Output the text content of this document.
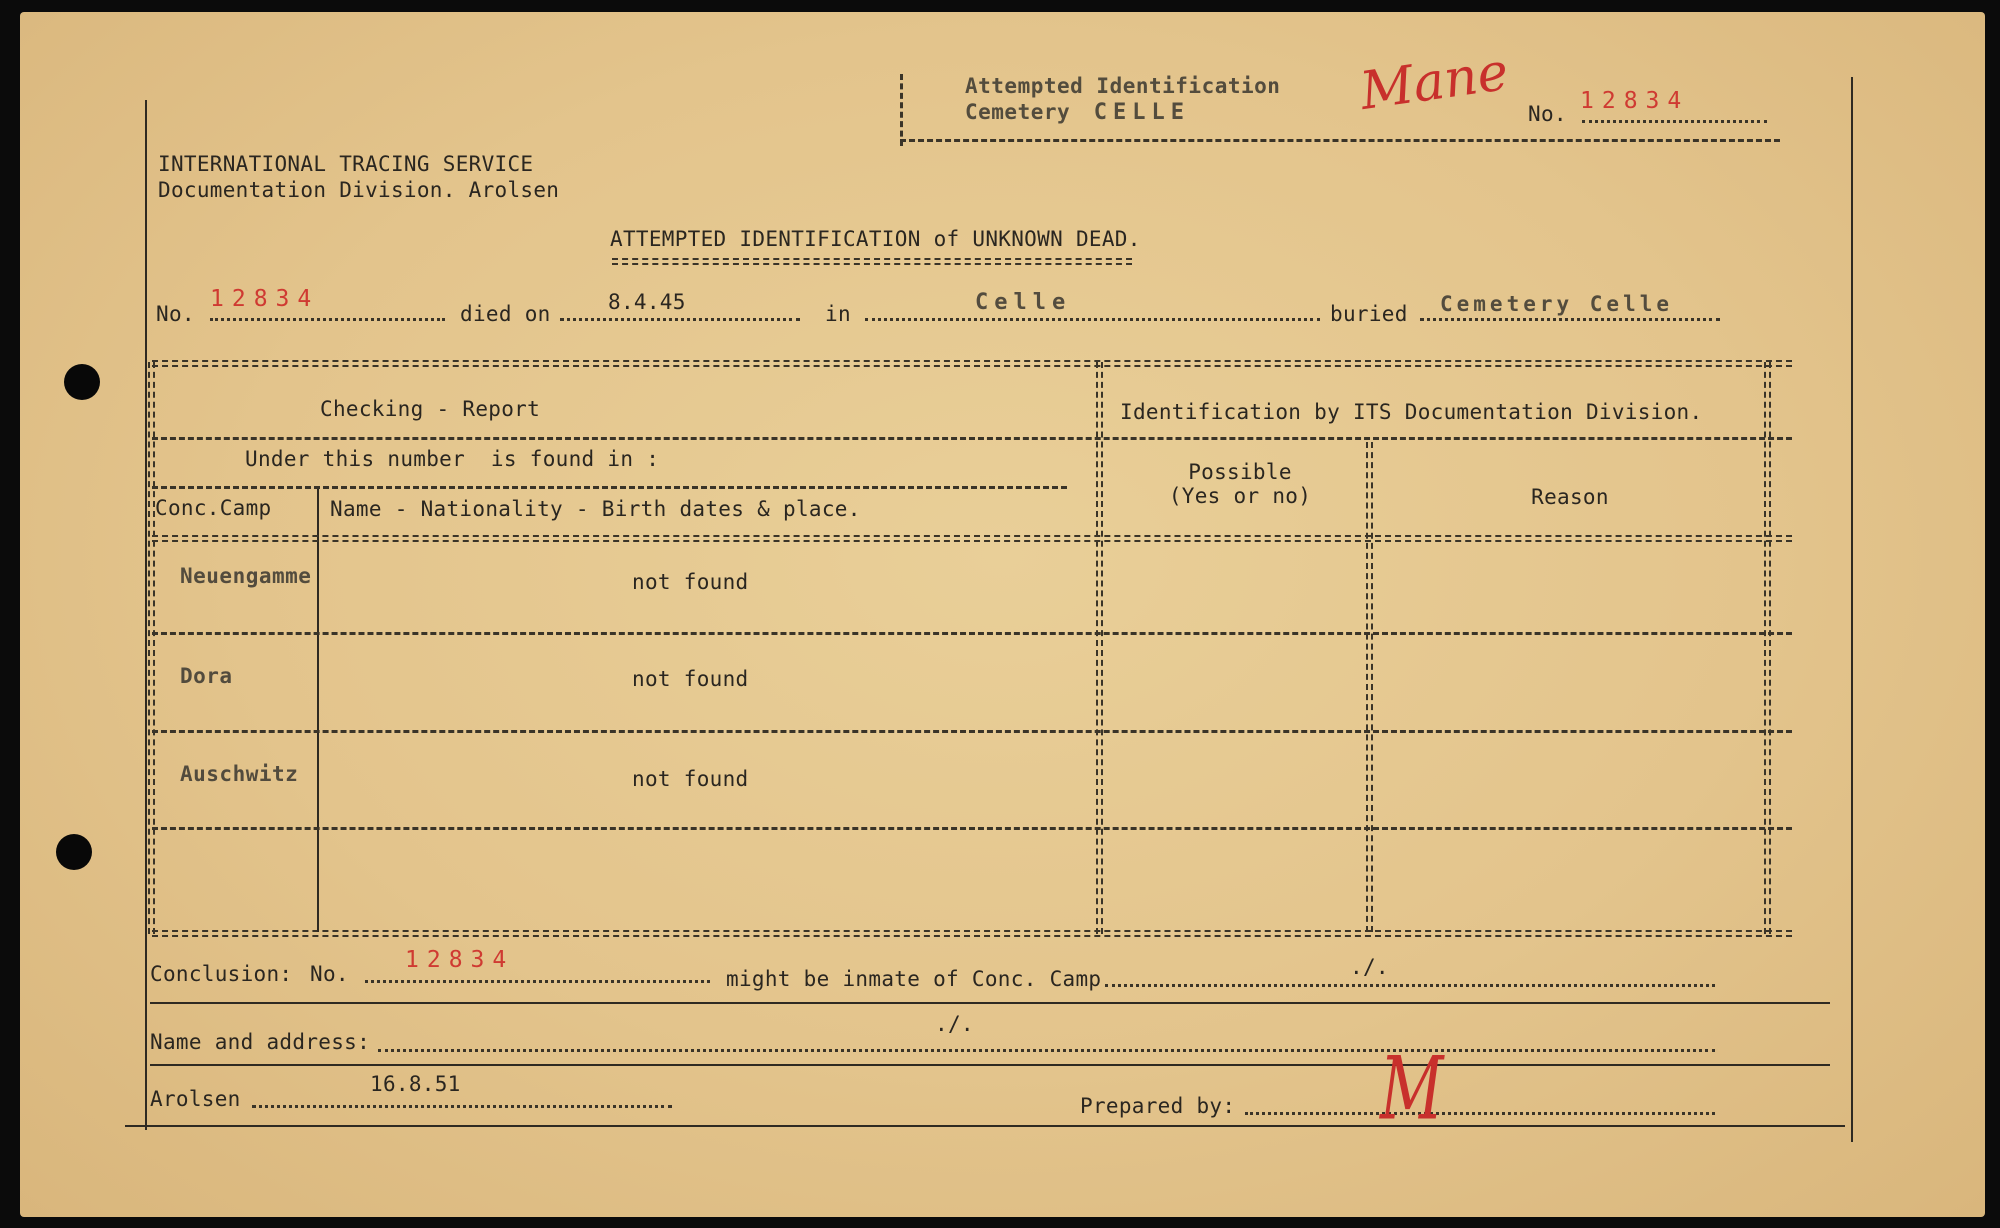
Attempted Identification
Cemetery CELLE	Mane No. 12834
INTERNATIONAL TRACING SERVICE
Documentation Division. Arolsen
ATTEMPTED IDENTIFICATION of UNKNOWN DEAD.
No.
12834
died on	8.4.45	in	Celle	buried Cemetery Celle
Checking - Report	Identification by ITS Documentation Division.
Under this number  is found in :
Conc.Camp	Name - Nationality - Birth dates & place.
Possible
(Yes or no)	Reason
Neuengamme	not found
Dora	not found
Auschwitz	not found
Conclusion: No.
12834
might be inmate of Conc. Camp	./.
Name and address:
./.
Arolsen
16.8.51
Prepared by: M
